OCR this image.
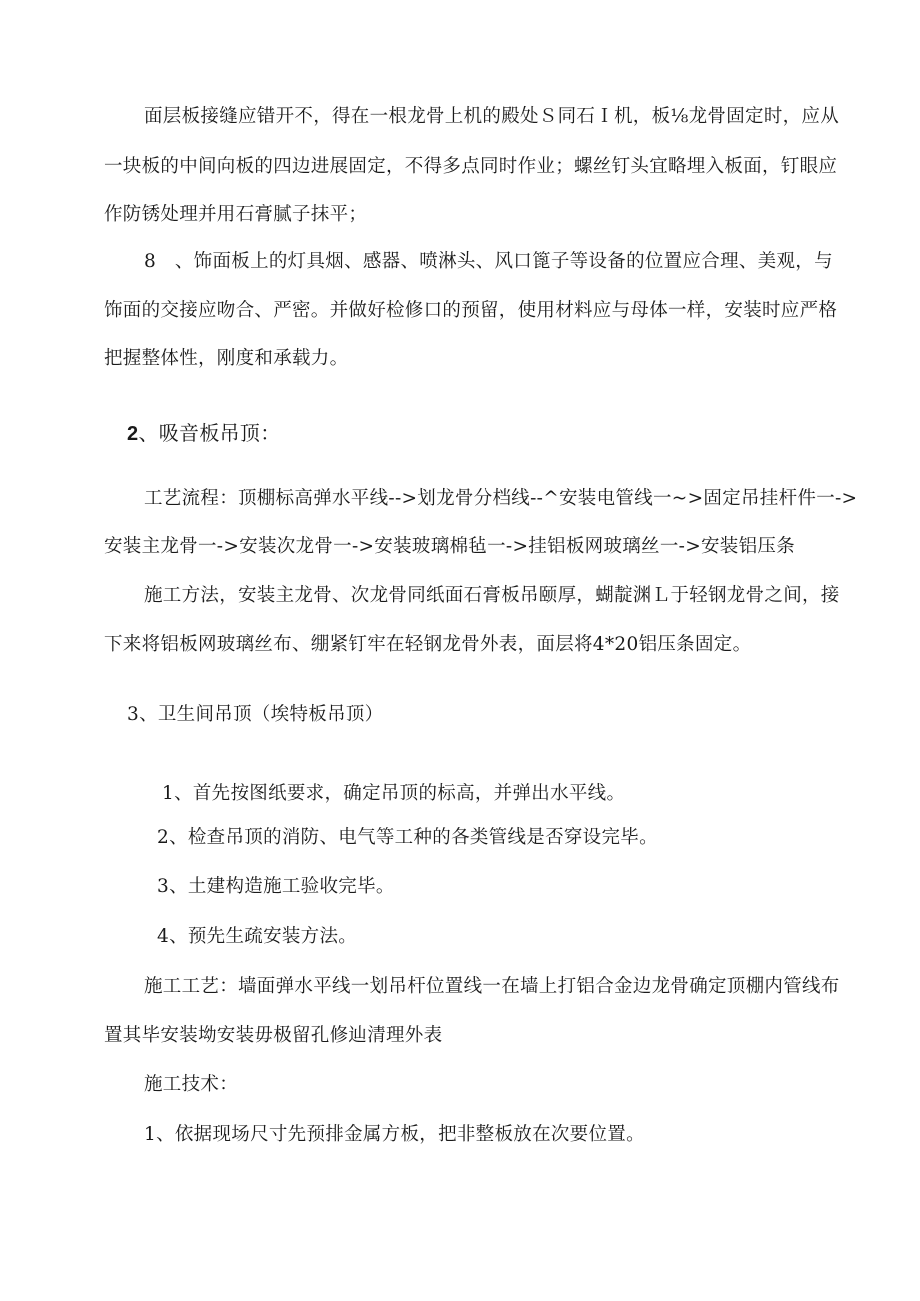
面层板接缝应错开不，得在一根龙骨上机的殿处Ｓ同石Ｉ机，板⅛龙骨固定时，应从
一块板的中间向板的四边进展固定，不得多点同时作业；螺丝钉头宜略埋入板面，钉眼应
作防锈处理并用石膏腻子抹平；
8　、饰面板上的灯具烟、感器、喷淋头、风口篦子等设备的位置应合理、美观，与
饰面的交接应吻合、严密。并做好检修口的预留，使用材料应与母体一样，安装时应严格
把握整体性，刚度和承载力。
2、吸音板吊顶：
工艺流程：顶棚标高弹水平线-->划龙骨分档线--^安装电管线一~>固定吊挂杆件一->
安装主龙骨一->安装次龙骨一->安装玻璃棉毡一->挂铝板网玻璃丝一->安装铝压条
施工方法，安装主龙骨、次龙骨同纸面石膏板吊颐厚，蝴靛渊Ｌ于轻钢龙骨之间，接
下来将铝板网玻璃丝布、绷紧钉牢在轻钢龙骨外表，面层将4*20铝压条固定。
3、卫生间吊顶（埃特板吊顶）
1、首先按图纸要求，确定吊顶的标高，并弹出水平线。
2、检查吊顶的消防、电气等工种的各类管线是否穿设完毕。
3、土建构造施工验收完毕。
4、预先生疏安装方法。
施工工艺：墙面弹水平线一划吊杆位置线一在墙上打铝合金边龙骨确定顶棚内管线布
置其毕安装坳安装毋极留孔修辿清理外表
施工技术：
1、依据现场尺寸先预排金属方板，把非整板放在次要位置。
